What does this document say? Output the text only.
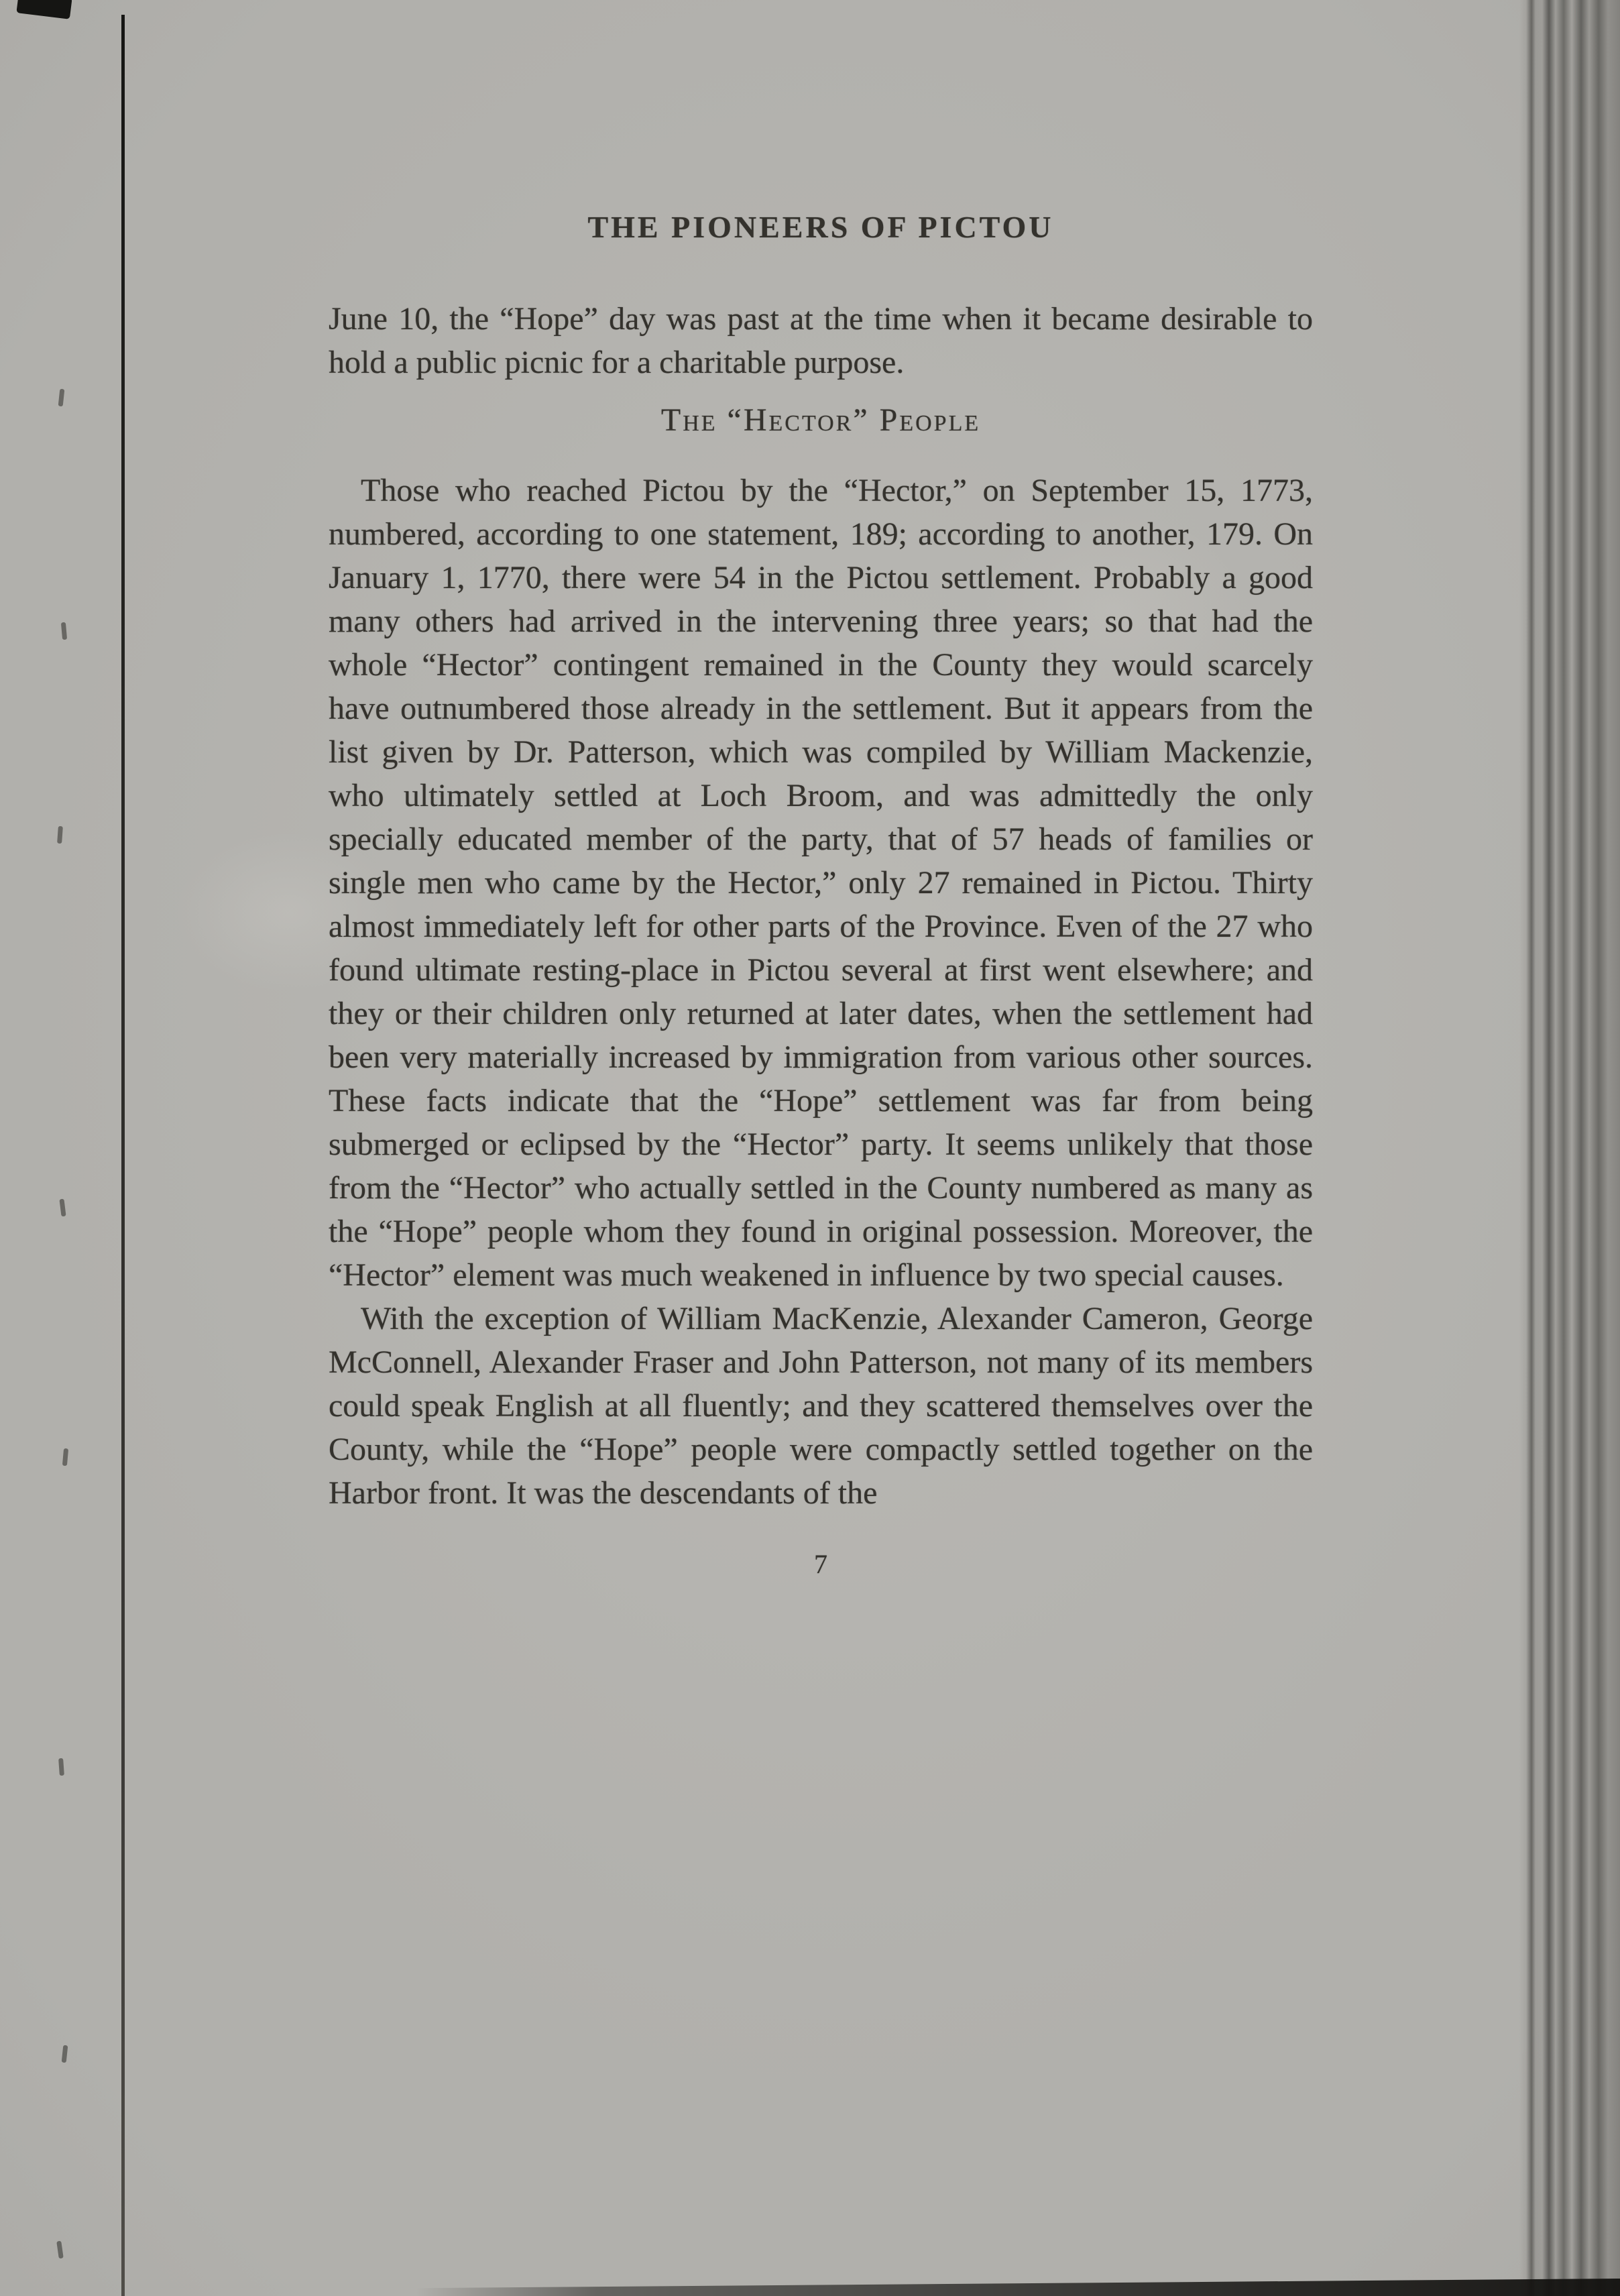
THE PIONEERS OF PICTOU

June 10, the “Hope” day was past at the time when it became desirable to hold a public picnic for a charitable purpose.

The “Hector” People

Those who reached Pictou by the “Hector,” on September 15, 1773, numbered, according to one statement, 189; according to another, 179. On January 1, 1770, there were 54 in the Pictou settlement. Probably a good many others had arrived in the intervening three years; so that had the whole “Hector” contingent remained in the County they would scarcely have outnumbered those already in the settlement. But it appears from the list given by Dr. Patterson, which was compiled by William Mackenzie, who ultimately settled at Loch Broom, and was admittedly the only specially educated member of the party, that of 57 heads of families or single men who came by the Hector,” only 27 remained in Pictou. Thirty almost immediately left for other parts of the Province. Even of the 27 who found ultimate resting-place in Pictou several at first went elsewhere; and they or their children only returned at later dates, when the settlement had been very materially increased by immigration from various other sources. These facts indicate that the “Hope” settlement was far from being submerged or eclipsed by the “Hector” party. It seems unlikely that those from the “Hector” who actually settled in the County numbered as many as the “Hope” people whom they found in original possession. Moreover, the “Hector” element was much weakened in influence by two special causes.

With the exception of William MacKenzie, Alexander Cameron, George McConnell, Alexander Fraser and John Patterson, not many of its members could speak English at all fluently; and they scattered themselves over the County, while the “Hope” people were compactly settled together on the Harbor front. It was the descendants of the

7
